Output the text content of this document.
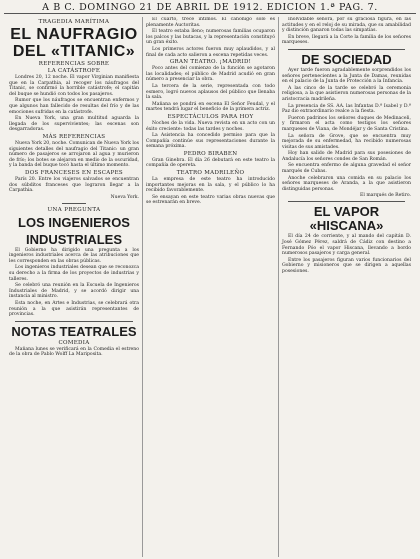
A B C. DOMINGO 21 DE ABRIL DE 1912. EDICION 1.ª PAG. 7.
TRAGEDIA MARÍTIMA
EL NAUFRAGIO
DEL «TITANIC»
REFERENCIAS SOBRE
LA CATÁSTROFE

Londres 20, 12 noche. El vapor Virginian manifiesta que en la Carpathia, al recoger los náufragos del Titanic, se confirmó la horrible catástrofe; el capitán del buque se hundió con todos los pasajeros.

Rumor que los náufragos se encuentran enfermos y que algunos han fallecido de resultas del frío y de las emociones sufridas en la catástrofe.

En Nueva York, una gran multitud aguarda la llegada de los supervivientes; las escenas son desgarradoras.

MÁS REFERENCIAS

Nueva York 20, noche. Comunican de Nueva York los siguientes detalles del naufragio del Titanic: un gran número de pasajeros se arrojaron al agua y murieron de frío; los botes se alejaron en medio de la oscuridad, y la banda del buque tocó hasta el último momento.

DOS FRANCESES EN ESCAPES

París 20. Entre los viajeros salvados se encuentran dos súbditos franceses que lograron llegar a la Carpathia.

Nueva York.
UNA PREGUNTA
LOS INGENIEROS
INDUSTRIALES

El Gobierno ha dirigido una pregunta a los ingenieros industriales acerca de las atribuciones que les corresponden en las obras públicas.

Los ingenieros industriales desean que se reconozca su derecho a la firma de los proyectos de industrias y talleres.

Se celebró una reunión en la Escuela de Ingenieros Industriales de Madrid, y se acordó dirigir una instancia al ministro.

Esta noche, en Artes e Industrias, se celebrará otra reunión a la que asistirán representantes de provincias.

NOTAS TEATRALES
COMEDIA

Mañana lunes se verificará en la Comedia el estreno de la obra de Pablo Wolff La Mariposita.

El cuarto, trece íntimos. El canónigo sólo es plenamente Auctoritas.

El teatro estaba lleno; numerosas familias ocuparon los palcos y las butacas, y la representación constituyó un gran éxito.

Los primeros actores fueron muy aplaudidos, y al final de cada acto salieron a escena repetidas veces.

GRAN TEATRO. ¡MADRID!

Poco antes del comienzo de la función se agotaron las localidades; el público de Madrid acudió en gran número a presenciar la obra.

La tercera de la serie, representada con todo esmero, logró nuevos aplausos del público que llenaba la sala.

Mañana se pondrá en escena El Señor Feudal, y el martes tendrá lugar el beneficio de la primera actriz.

ESPECTÁCULOS PARA HOY

Noches de la vida. Nueva revista en un acto con un éxito creciente: todas las tardes y noches.

La Asistencia ha concedido permiso para que la Compañía continúe sus representaciones durante la semana próxima.

PEDRO BIRABEN

Gran Ginebra. El día 26 debutará en este teatro la compañía de opereta.

TEATRO MADRILEÑO

La empresa de este teatro ha introducido importantes mejoras en la sala, y el público lo ha recibido favorablemente.

Se ensayan en este teatro varias obras nuevas que se estrenarán en breve.

Inolvidable señora, por su graciosa figura, en las actitudes y en el reloj de su mirada, que su amabilidad y distinción ganaron todas las simpatías.

En breve, llegará a la Corte la familia de los señores marqueses.

DE SOCIEDAD

Ayer tarde fueron agradablemente sorprendidos los señores pertenecientes a la Junta de Damas, reunidas en el palacio de la Junta de Protección a la Infancia.

A las cinco de la tarde se celebró la ceremonia religiosa, a la que asistieron numerosas personas de la aristocracia madrileña.

La presencia de SS. AA. las Infantas D.ª Isabel y D.ª Paz dio extraordinario realce a la fiesta.

Fueron padrinos los señores duques de Medinaceli, y firmaron el acta como testigos los señores marqueses de Viana, de Mondéjar y de Santa Cristina.

La señora de Grove, que se encuentra muy mejorada de su enfermedad, ha recibido numerosas visitas de sus amistades.

Hoy han salido de Madrid para sus posesiones de Andalucía los señores condes de San Román.

Se encuentra enfermo de alguna gravedad el señor marqués de Cubas.

Anoche celebraron una comida en su palacio los señores marqueses de Aranda, a la que asistieron distinguidas personas.

El marqués de Retiro.
EL VAPOR «HISCANA»

El día 24 de corriente, y al mando del capitán D. José Gómez Pérez, saldrá de Cádiz con destino a Fernando Póo el vapor Hiscana, llevando a bordo numerosos pasajeros y carga general.

Entre los pasajeros figuran varios funcionarios del Gobierno y misioneros que se dirigen a aquellas posesiones.
